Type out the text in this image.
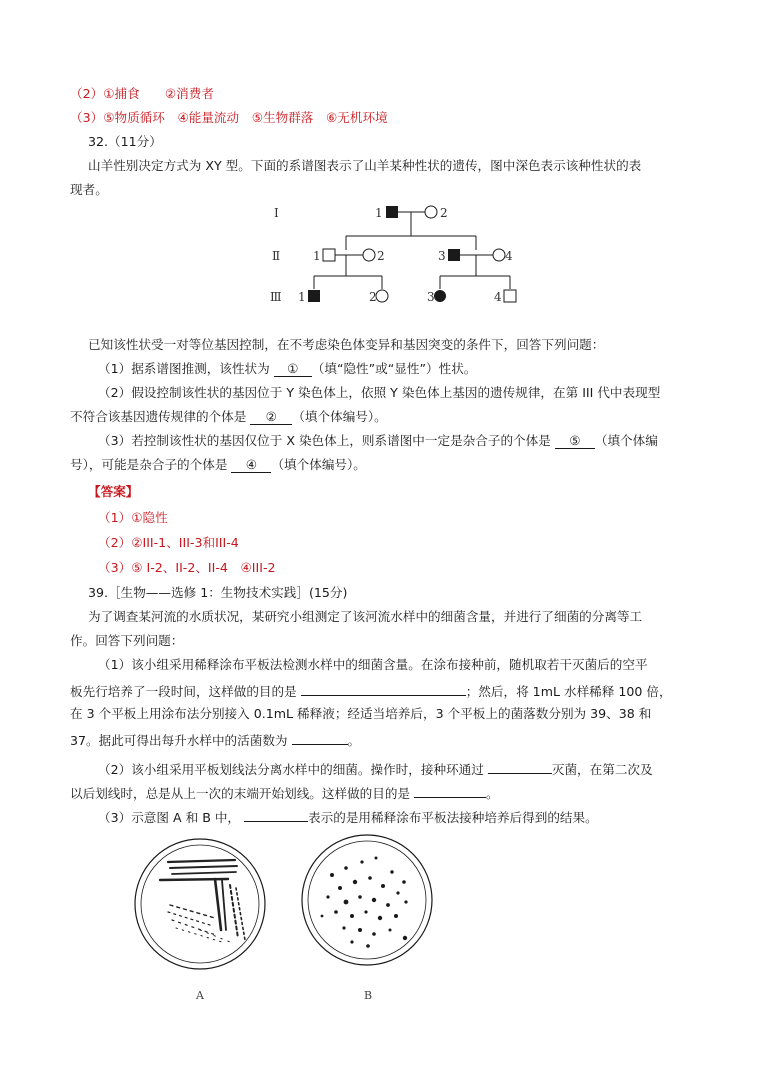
（2）①捕食　　②消费者
（3）⑤物质循环　④能量流动　⑤生物群落　⑥无机环境
32.（11分）
山羊性别决定方式为 XY 型。下面的系谱图表示了山羊某种性状的遗传，图中深色表示该种性状的表
现者。
Ⅰ
Ⅱ
Ⅲ
1	2
1	2	3	4
1	2	3	4
已知该性状受一对等位基因控制，在不考虑染色体变异和基因突变的条件下，回答下列问题：
（1）据系谱图推测，该性状为 ① （填“隐性”或“显性”）性状。
（2）假设控制该性状的基因位于 Y 染色体上，依照 Y 染色体上基因的遗传规律，在第 III 代中表现型
不符合该基因遗传规律的个体是 ② （填个体编号）。
（3）若控制该性状的基因仅位于 X 染色体上，则系谱图中一定是杂合子的个体是 ⑤ （填个体编
号），可能是杂合子的个体是 ④ （填个体编号）。
【答案】
（1）①隐性
（2）②III-1、III-3和III-4
（3）⑤ I-2、II-2、II-4　④III-2
39.［生物——选修 1：生物技术实践］(15分)
为了调查某河流的水质状况，某研究小组测定了该河流水样中的细菌含量，并进行了细菌的分离等工
作。回答下列问题：
（1）该小组采用稀释涂布平板法检测水样中的细菌含量。在涂布接种前，随机取若干灭菌后的空平
板先行培养了一段时间，这样做的目的是	；然后，将 1mL 水样稀释 100 倍，
在 3 个平板上用涂布法分别接入 0.1mL 稀释液；经适当培养后，3 个平板上的菌落数分别为 39、38 和
37。据此可得出每升水样中的活菌数为	。
（2）该小组采用平板划线法分离水样中的细菌。操作时，接种环通过	灭菌，在第二次及
以后划线时，总是从上一次的末端开始划线。这样做的目的是	。
（3）示意图 A 和 B 中，	表示的是用稀释涂布平板法接种培养后得到的结果。
A	B
